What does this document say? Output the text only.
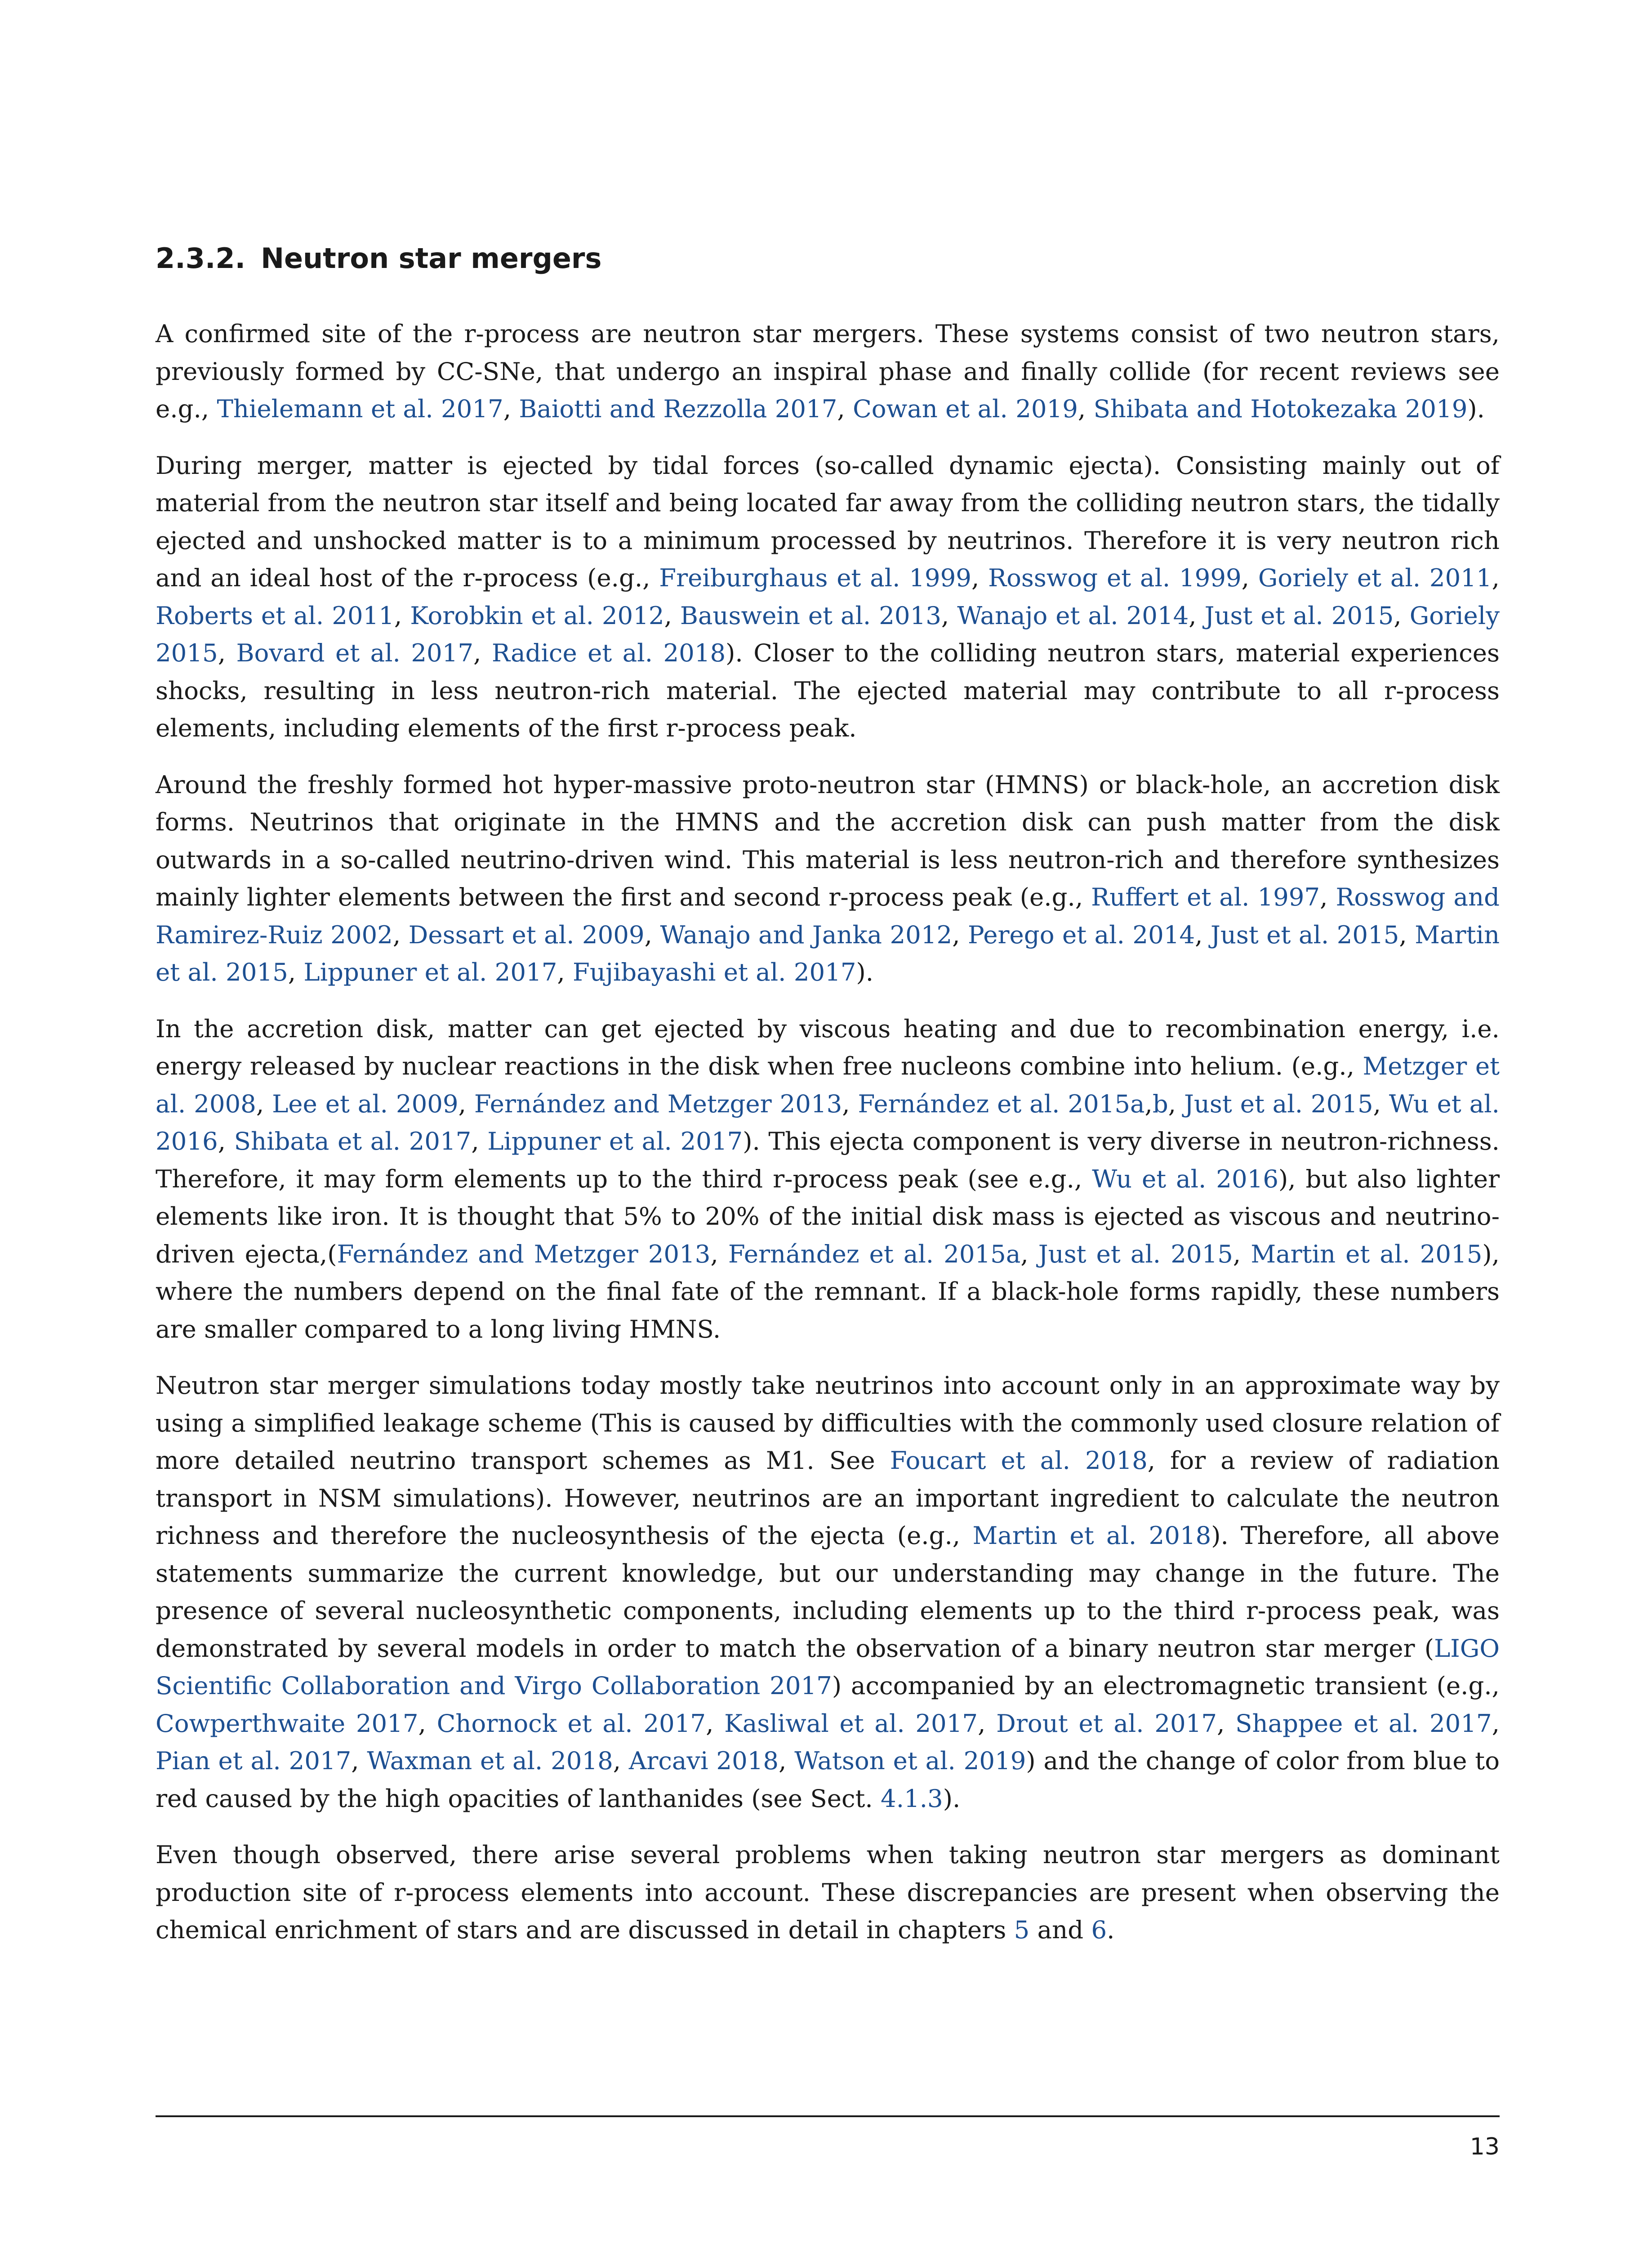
2.3.2. Neutron star mergers

A confirmed site of the r-process are neutron star mergers. These systems consist of two neutron stars, previously formed by CC-SNe, that undergo an inspiral phase and finally collide (for recent reviews see e.g., Thielemann et al. 2017, Baiotti and Rezzolla 2017, Cowan et al. 2019, Shibata and Hotokezaka 2019).

During merger, matter is ejected by tidal forces (so-called dynamic ejecta). Consisting mainly out of material from the neutron star itself and being located far away from the colliding neutron stars, the tidally ejected and unshocked matter is to a minimum processed by neutrinos. Therefore it is very neutron rich and an ideal host of the r-process (e.g., Freiburghaus et al. 1999, Rosswog et al. 1999, Goriely et al. 2011, Roberts et al. 2011, Korobkin et al. 2012, Bauswein et al. 2013, Wanajo et al. 2014, Just et al. 2015, Goriely 2015, Bovard et al. 2017, Radice et al. 2018). Closer to the colliding neutron stars, material experiences shocks, resulting in less neutron-rich material. The ejected material may contribute to all r-process elements, including elements of the first r-process peak.

Around the freshly formed hot hyper-massive proto-neutron star (HMNS) or black-hole, an accretion disk forms. Neutrinos that originate in the HMNS and the accretion disk can push matter from the disk outwards in a so-called neutrino-driven wind. This material is less neutron-rich and therefore synthesizes mainly lighter elements between the first and second r-process peak (e.g., Ruffert et al. 1997, Rosswog and Ramirez-Ruiz 2002, Dessart et al. 2009, Wanajo and Janka 2012, Perego et al. 2014, Just et al. 2015, Martin et al. 2015, Lippuner et al. 2017, Fujibayashi et al. 2017).

In the accretion disk, matter can get ejected by viscous heating and due to recombination energy, i.e. energy released by nuclear reactions in the disk when free nucleons combine into helium. (e.g., Metzger et al. 2008, Lee et al. 2009, Fernández and Metzger 2013, Fernández et al. 2015a,b, Just et al. 2015, Wu et al. 2016, Shibata et al. 2017, Lippuner et al. 2017). This ejecta component is very diverse in neutron-richness. Therefore, it may form elements up to the third r-process peak (see e.g., Wu et al. 2016), but also lighter elements like iron. It is thought that 5% to 20% of the initial disk mass is ejected as viscous and neutrino-driven ejecta,(Fernández and Metzger 2013, Fernández et al. 2015a, Just et al. 2015, Martin et al. 2015), where the numbers depend on the final fate of the remnant. If a black-hole forms rapidly, these numbers are smaller compared to a long living HMNS.

Neutron star merger simulations today mostly take neutrinos into account only in an approximate way by using a simplified leakage scheme (This is caused by difficulties with the commonly used closure relation of more detailed neutrino transport schemes as M1. See Foucart et al. 2018, for a review of radiation transport in NSM simulations). However, neutrinos are an important ingredient to calculate the neutron richness and therefore the nucleosynthesis of the ejecta (e.g., Martin et al. 2018). Therefore, all above statements summarize the current knowledge, but our understanding may change in the future. The presence of several nucleosynthetic components, including elements up to the third r-process peak, was demonstrated by several models in order to match the observation of a binary neutron star merger (LIGO Scientific Collaboration and Virgo Collaboration 2017) accompanied by an electromagnetic transient (e.g., Cowperthwaite 2017, Chornock et al. 2017, Kasliwal et al. 2017, Drout et al. 2017, Shappee et al. 2017, Pian et al. 2017, Waxman et al. 2018, Arcavi 2018, Watson et al. 2019) and the change of color from blue to red caused by the high opacities of lanthanides (see Sect. 4.1.3).

Even though observed, there arise several problems when taking neutron star mergers as dominant production site of r-process elements into account. These discrepancies are present when observing the chemical enrichment of stars and are discussed in detail in chapters 5 and 6.

13
